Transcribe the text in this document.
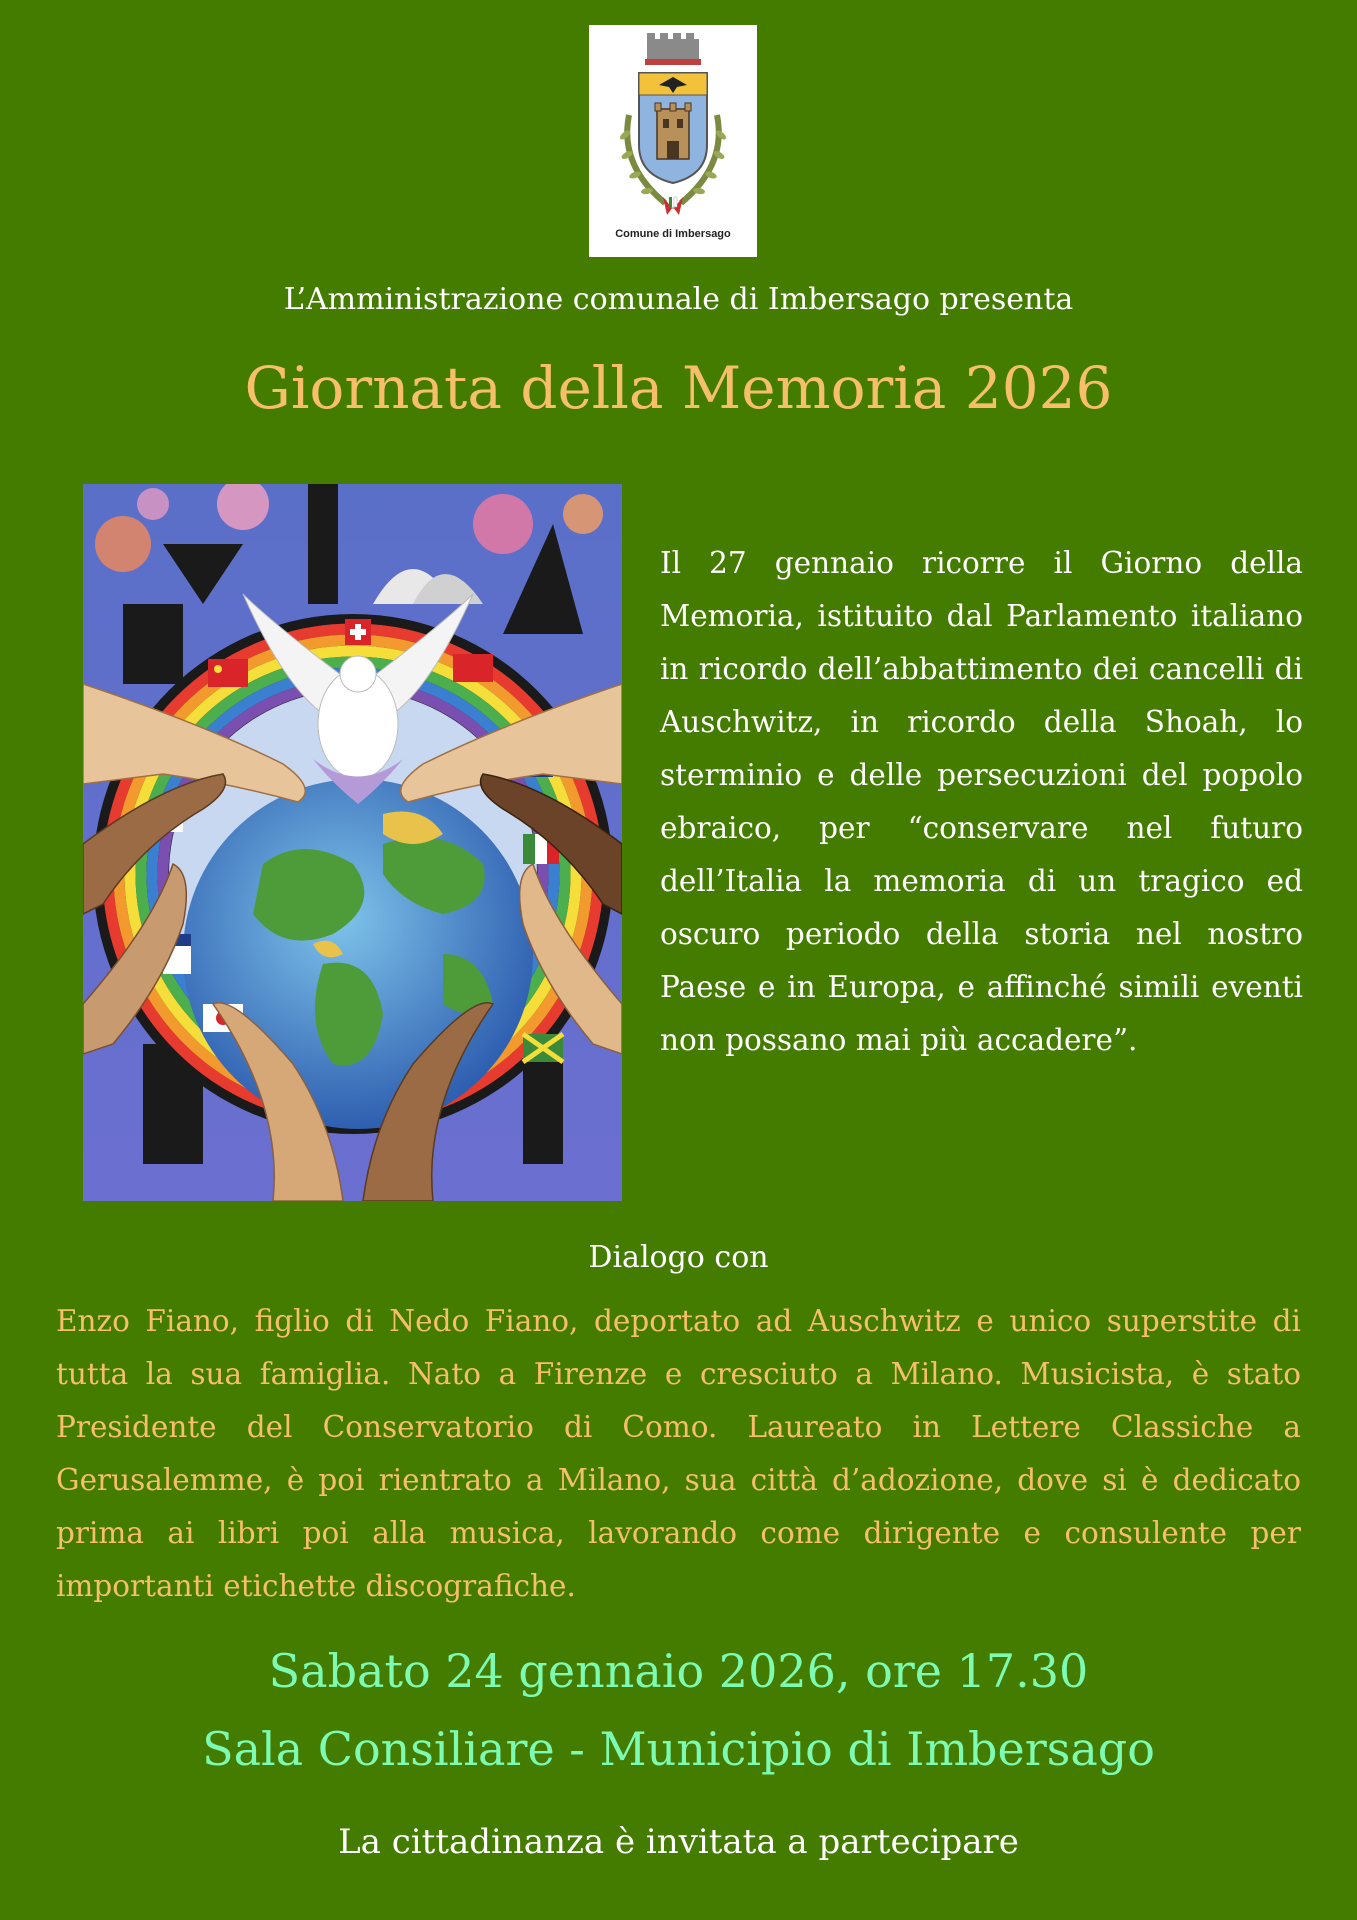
Comune di Imbersago
L’Amministrazione comunale di Imbersago presenta
Giornata della Memoria 2026
Il 27 gennaio ricorre il Giorno della Memoria, istituito dal Parlamento italiano in ricordo dell’abbattimento dei cancelli di Auschwitz, in ricordo della Shoah, lo sterminio e delle persecuzioni del popolo ebraico, per “conservare nel futuro dell’Italia la memoria di un tragico ed oscuro periodo della storia nel nostro Paese e in Europa, e affinché simili eventi non possano mai più accadere”.
Dialogo con
Enzo Fiano, figlio di Nedo Fiano, deportato ad Auschwitz e unico superstite di tutta la sua famiglia. Nato a Firenze e cresciuto a Milano. Musicista, è stato Presidente del Conservatorio di Como. Laureato in Lettere Classiche a Gerusalemme, è poi rientrato a Milano, sua città d’adozione, dove si è dedicato prima ai libri poi alla musica, lavorando come dirigente e consulente per importanti etichette discografiche.
Sabato 24 gennaio 2026, ore 17.30
Sala Consiliare - Municipio di Imbersago
La cittadinanza è invitata a partecipare
